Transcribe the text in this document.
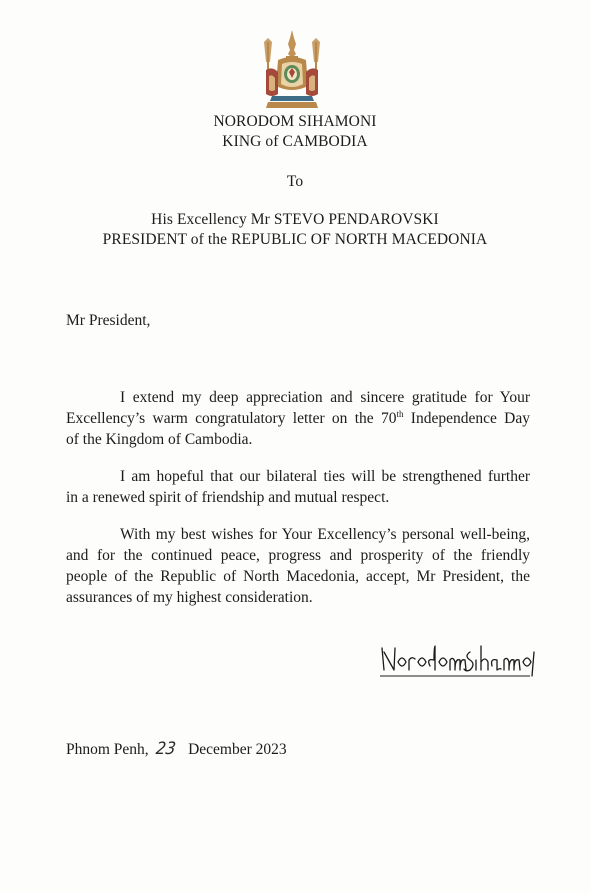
NORODOM SIHAMONI
KING of CAMBODIA
To
His Excellency Mr STEVO PENDAROVSKI
PRESIDENT of the REPUBLIC OF NORTH MACEDONIA
Mr President,

I extend my deep appreciation and sincere gratitude for Your
Excellency’s warm congratulatory letter on the 70th Independence Day
of the Kingdom of Cambodia.

I am hopeful that our bilateral ties will be strengthened further
in a renewed spirit of friendship and mutual respect.

With my best wishes for Your Excellency’s personal well-being,
and for the continued peace, progress and prosperity of the friendly
people of the Republic of North Macedonia, accept, Mr President, the
assurances of my highest consideration.

Phnom Penh, 23 December 2023
